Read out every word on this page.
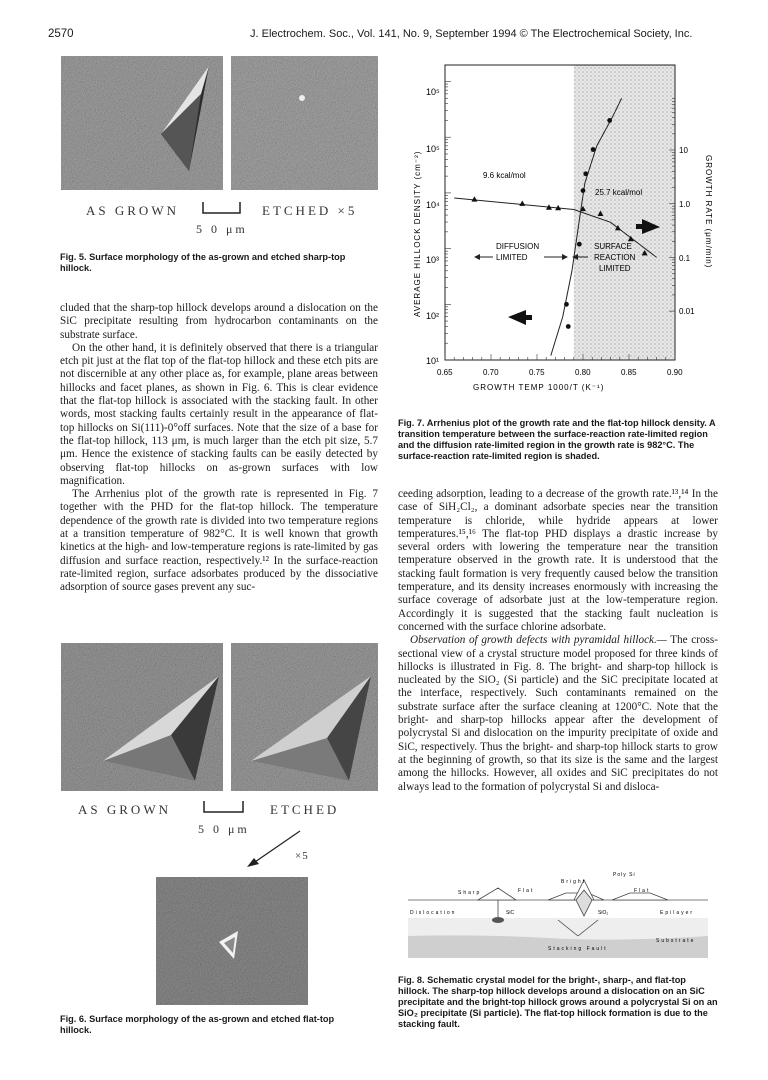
2570	J. Electrochem. Soc., Vol. 141, No. 9, September 1994 © The Electrochemical Society, Inc.
AS GROWN	ETCHED ×5
5 0 μm
Fig. 5. Surface morphology of the as-grown and etched sharp-top hillock.

cluded that the sharp-top hillock develops around a dislocation on the SiC precipitate resulting from hydrocarbon contaminants on the substrate surface.

On the other hand, it is definitely observed that there is a triangular etch pit just at the flat top of the flat-top hillock and these etch pits are not discernible at any other place as, for example, plane areas between hillocks and facet planes, as shown in Fig. 6. This is clear evidence that the flat-top hillock is associated with the stacking fault. In other words, most stacking faults certainly result in the appearance of flat-top hillocks on Si(111)-0°off surfaces. Note that the size of a base for the flat-top hillock, 113 μm, is much larger than the etch pit size, 5.7 μm. Hence the existence of stacking faults can be easily detected by observing flat-top hillocks on as-grown surfaces with low magnification.

The Arrhenius plot of the growth rate is represented in Fig. 7 together with the PHD for the flat-top hillock. The temperature dependence of the growth rate is divided into two temperature regions at a transition temperature of 982°C. It is well known that growth kinetics at the high- and low-temperature regions is rate-limited by gas diffusion and surface reaction, respectively.¹² In the surface-reaction rate-limited region, surface adsorbates produced by the dissociative adsorption of source gases prevent any suc-

AS GROWN	ETCHED
5 0 μm
×5
Fig. 6. Surface morphology of the as-grown and etched flat-top hillock.
10⁵
10⁵
10⁴
10³
10²
10¹
10
1.0
0.1
0.01
0.65	0.70	0.75	0.80	0.85	0.90
GROWTH TEMP 1000/T (K⁻¹)
AVERAGE HILLOCK DENSITY (cm⁻²)	GROWTH RATE (μm/min)
9.6 kcal/mol
25.7 kcal/mol
DIFFUSION
LIMITED
SURFACE
REACTION
LIMITED
Fig. 7. Arrhenius plot of the growth rate and the flat-top hillock density. A transition temperature between the surface-reaction rate-limited region and the diffusion rate-limited region in the growth rate is 982°C. The surface-reaction rate-limited region is shaded.

ceeding adsorption, leading to a decrease of the growth rate.¹³,¹⁴ In the case of SiH₂Cl₂, a dominant adsorbate species near the transition temperature is chloride, while hydride appears at lower temperatures.¹⁵,¹⁶ The flat-top PHD displays a drastic increase by several orders with lowering the temperature near the transition temperature observed in the growth rate. It is understood that the stacking fault formation is very frequently caused below the transition temperature, and its density increases enormously with increasing the surface coverage of adsorbate just at the low-temperature region. Accordingly it is suggested that the stacking fault nucleation is concerned with the surface chlorine adsorbate.

Observation of growth defects with pyramidal hillock.— The cross-sectional view of a crystal structure model proposed for three kinds of hillocks is illustrated in Fig. 8. The bright- and sharp-top hillock is nucleated by the SiO₂ (Si particle) and the SiC precipitate located at the interface, respectively. Such contaminants remained on the substrate surface after the surface cleaning at 1200°C. Note that the bright- and sharp-top hillocks appear after the development of polycrystal Si and dislocation on the impurity precipitate of oxide and SiC, respectively. Thus the bright- and sharp-top hillock starts to grow at the beginning of growth, so that its size is the same and the largest among the hillocks. However, all oxides and SiC precipitates do not always lead to the formation of polycrystal Si and disloca-

Bright
Poly Si
Sharp	Flat	Flat
Dislocation	SiC	SiO₂	Epilayer
Substrate
Stacking Fault
Fig. 8. Schematic crystal model for the bright-, sharp-, and flat-top hillock. The sharp-top hillock develops around a dislocation on an SiC precipitate and the bright-top hillock grows around a polycrystal Si on an SiO₂ precipitate (Si particle). The flat-top hillock formation is due to the stacking fault.
